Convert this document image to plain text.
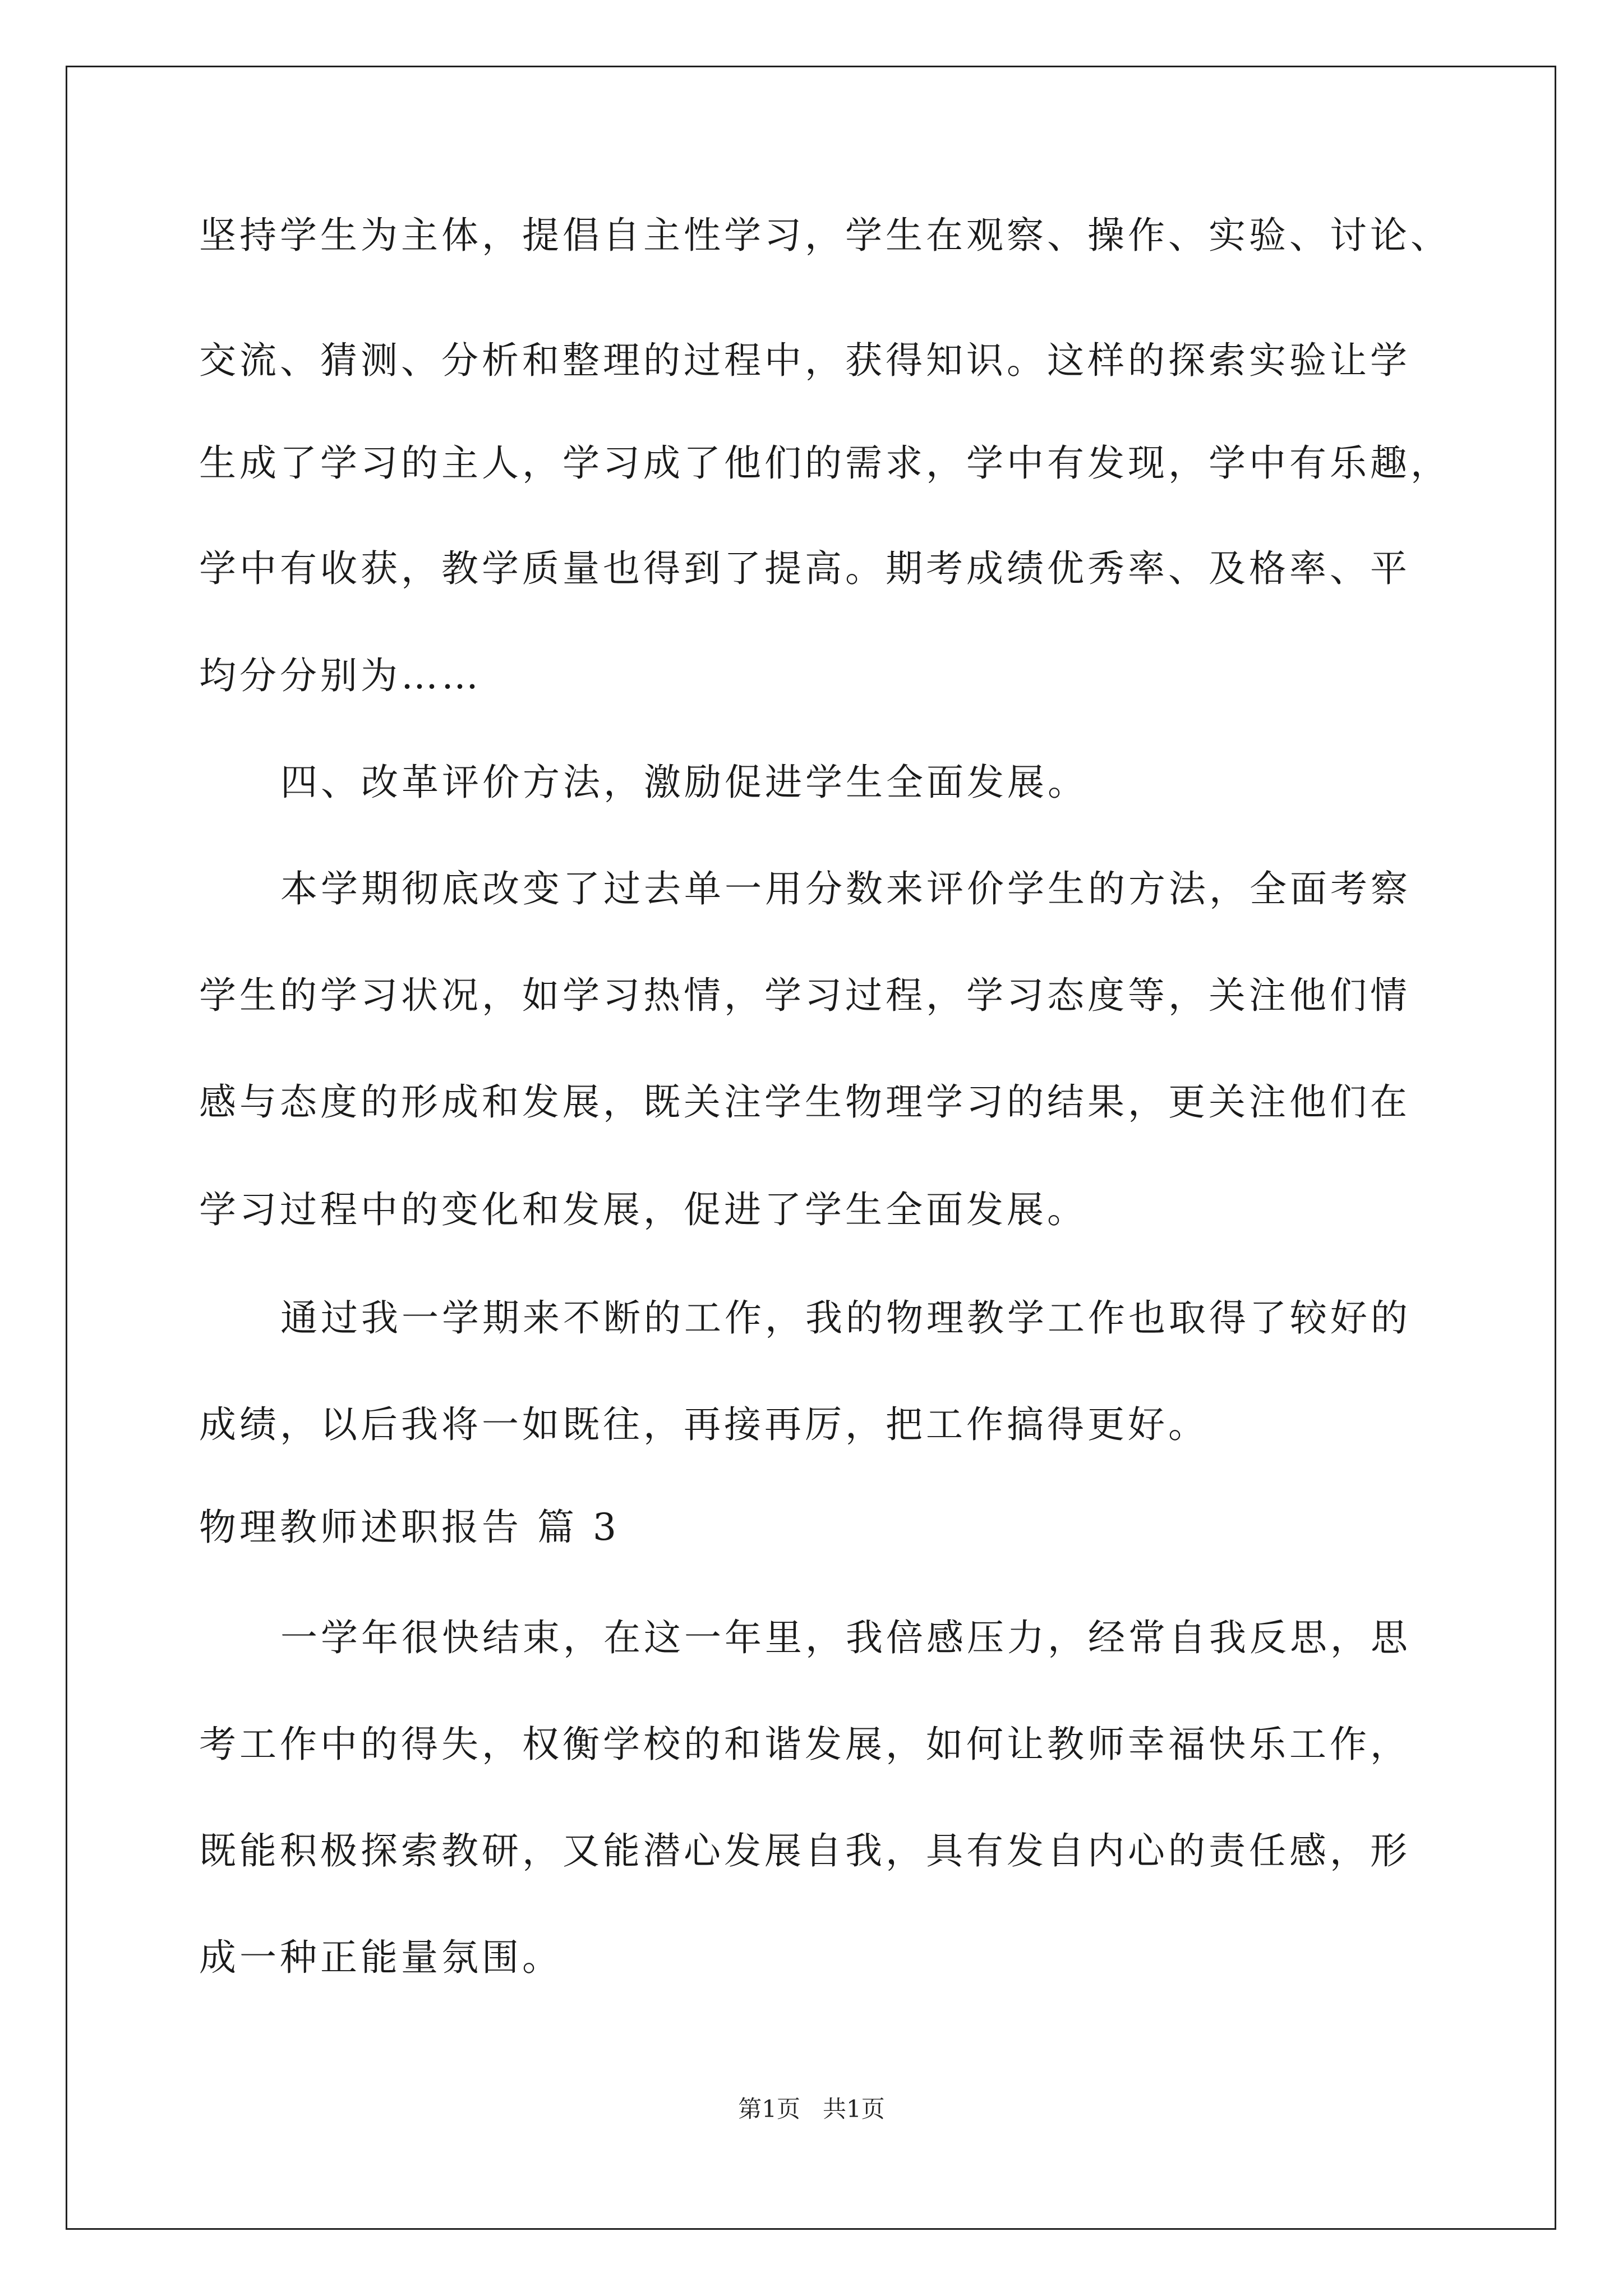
坚持学生为主体，提倡自主性学习，学生在观察、操作、实验、讨论、
交流、猜测、分析和整理的过程中，获得知识。这样的探索实验让学
生成了学习的主人，学习成了他们的需求，学中有发现，学中有乐趣，
学中有收获，教学质量也得到了提高。期考成绩优秀率、及格率、平
均分分别为……
四、改革评价方法，激励促进学生全面发展。
本学期彻底改变了过去单一用分数来评价学生的方法，全面考察
学生的学习状况，如学习热情，学习过程，学习态度等，关注他们情
感与态度的形成和发展，既关注学生物理学习的结果，更关注他们在
学习过程中的变化和发展，促进了学生全面发展。
通过我一学期来不断的工作，我的物理教学工作也取得了较好的
成绩，以后我将一如既往，再接再厉，把工作搞得更好。
物理教师述职报告 篇 3
一学年很快结束，在这一年里，我倍感压力，经常自我反思，思
考工作中的得失，权衡学校的和谐发展，如何让教师幸福快乐工作，
既能积极探索教研，又能潜心发展自我，具有发自内心的责任感，形
成一种正能量氛围。
第1页   共1页
